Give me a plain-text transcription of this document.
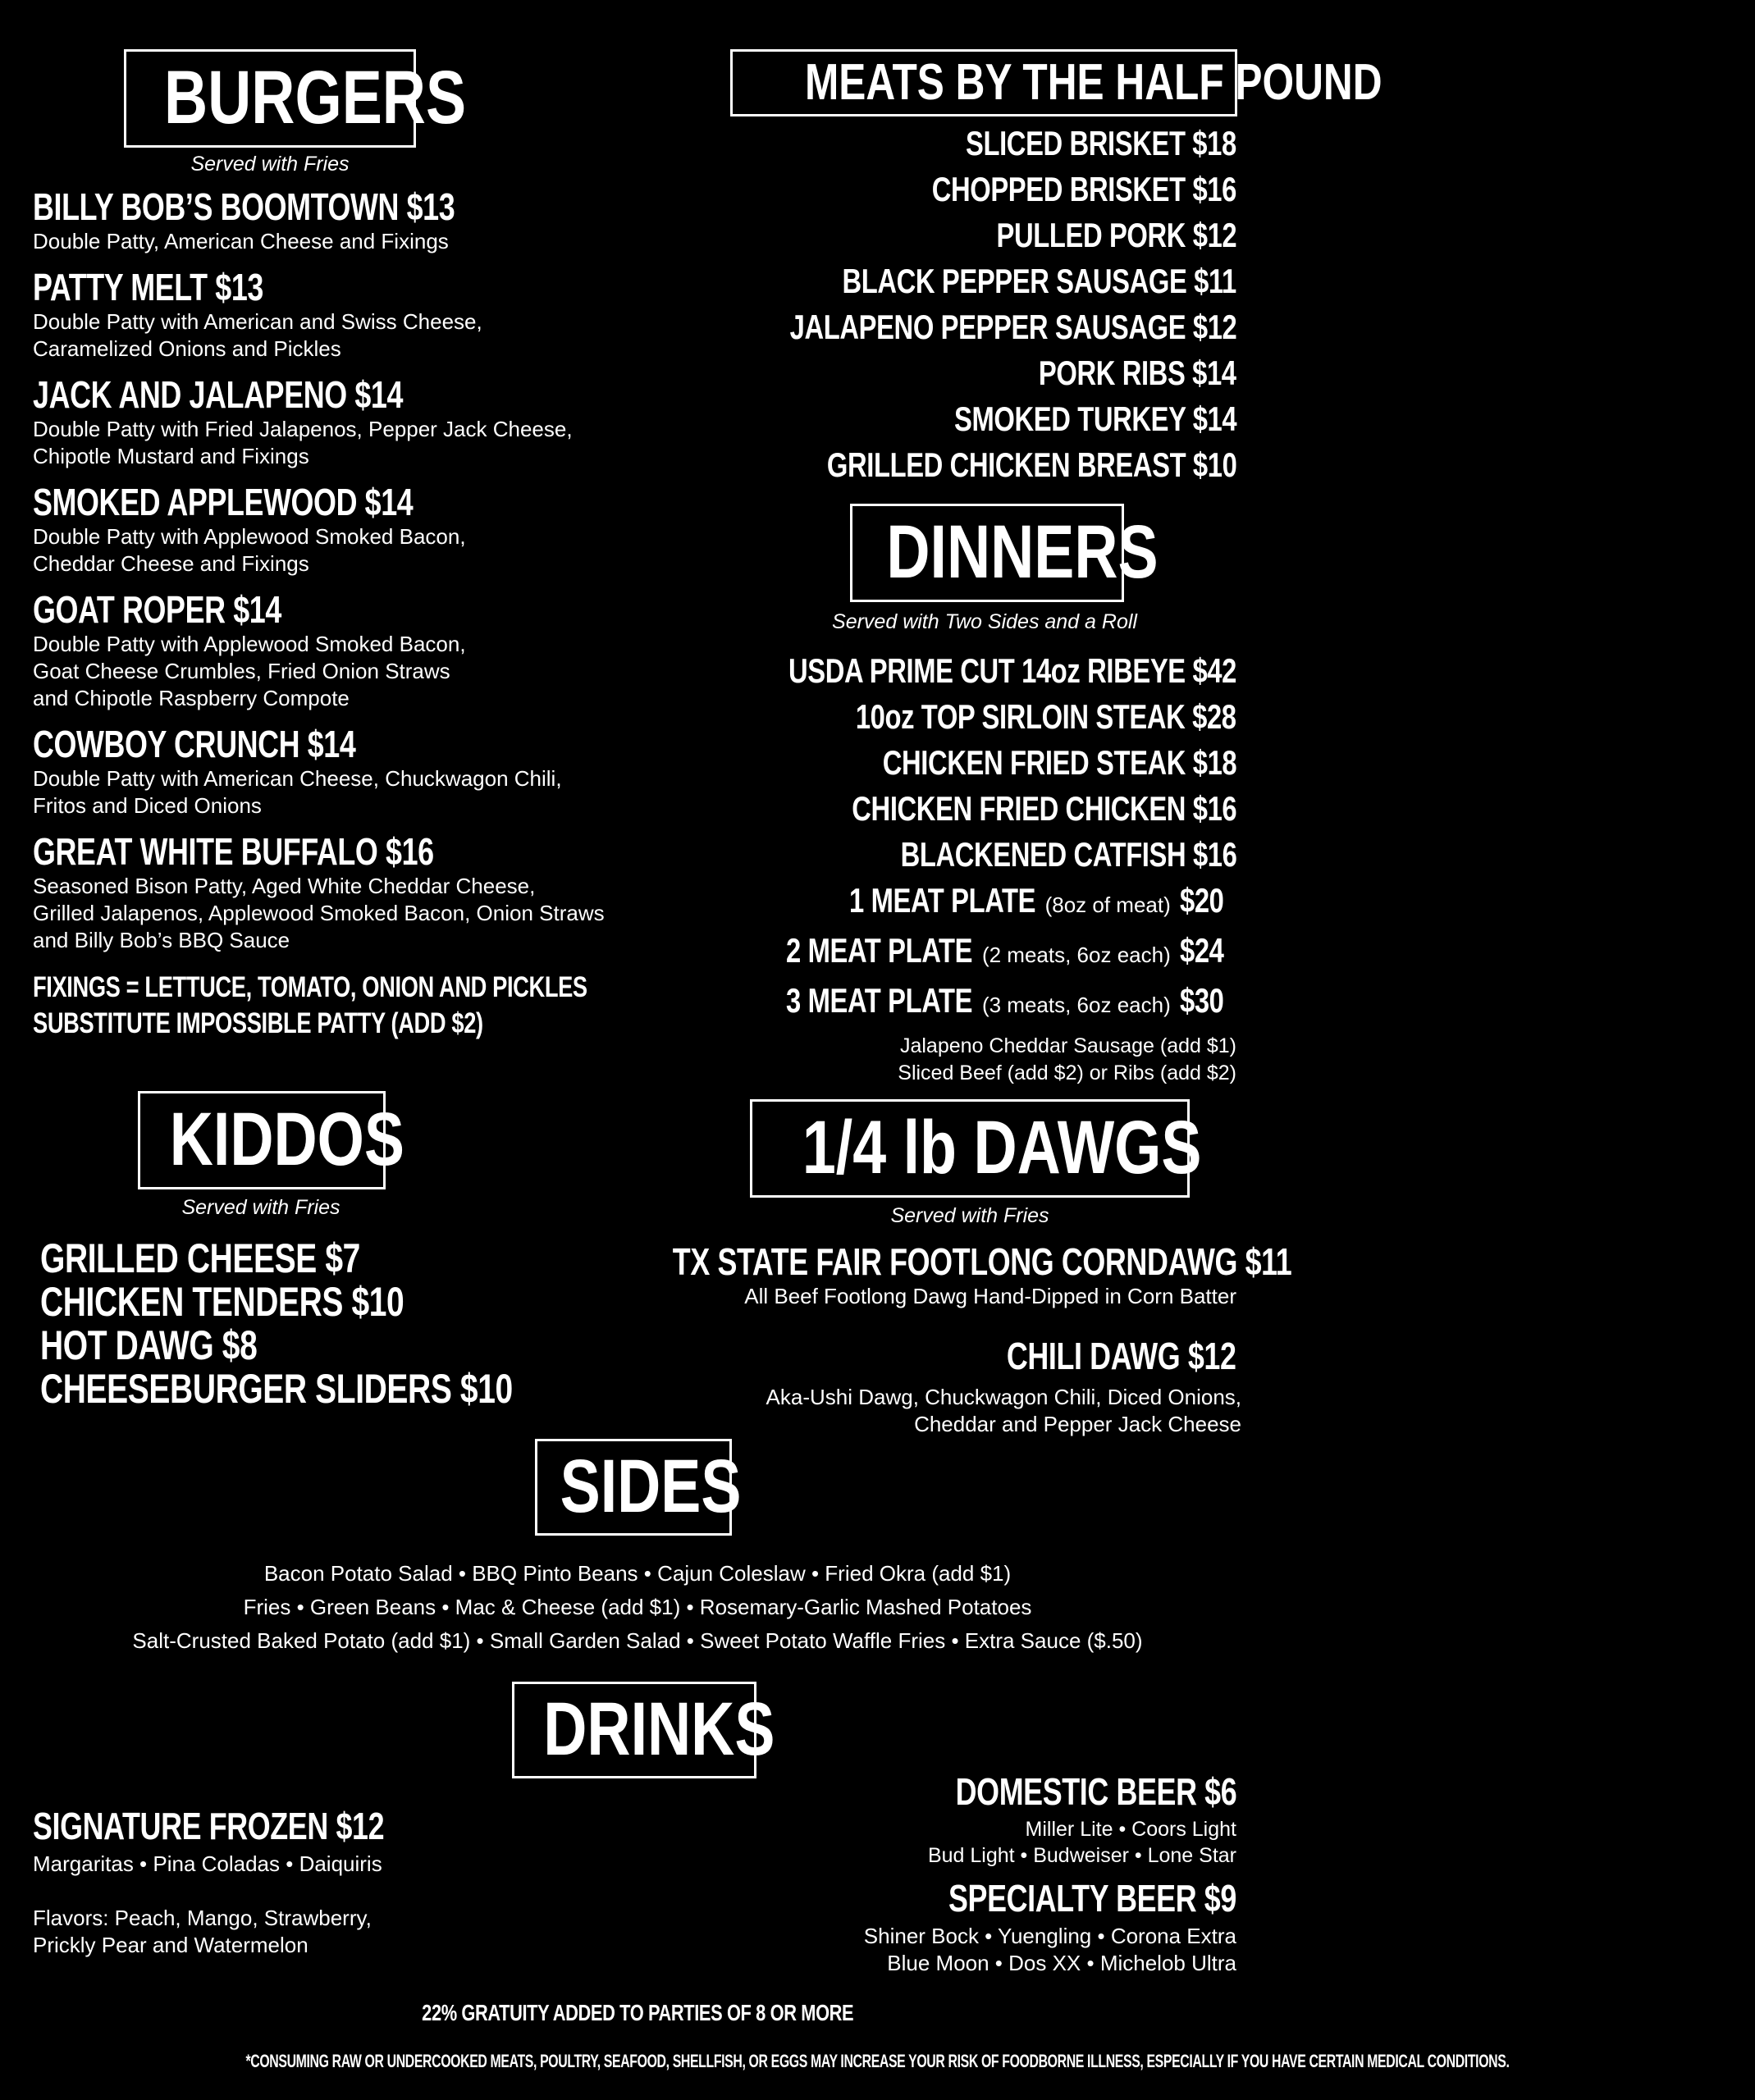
BURGERS
Served with Fries
BILLY BOB’S BOOMTOWN $13
Double Patty, American Cheese and Fixings
PATTY MELT $13
Double Patty with American and Swiss Cheese,
Caramelized Onions and Pickles
JACK AND JALAPENO $14
Double Patty with Fried Jalapenos, Pepper Jack Cheese,
Chipotle Mustard and Fixings
SMOKED APPLEWOOD $14
Double Patty with Applewood Smoked Bacon,
Cheddar Cheese and Fixings
GOAT ROPER $14
Double Patty with Applewood Smoked Bacon,
Goat Cheese Crumbles, Fried Onion Straws
and Chipotle Raspberry Compote
COWBOY CRUNCH $14
Double Patty with American Cheese, Chuckwagon Chili,
Fritos and Diced Onions
GREAT WHITE BUFFALO $16
Seasoned Bison Patty, Aged White Cheddar Cheese,
Grilled Jalapenos, Applewood Smoked Bacon, Onion Straws
and Billy Bob’s BBQ Sauce
FIXINGS = LETTUCE, TOMATO, ONION AND PICKLES
SUBSTITUTE IMPOSSIBLE PATTY (ADD $2)
MEATS BY THE HALF POUND
SLICED BRISKET $18
CHOPPED BRISKET $16
PULLED PORK $12
BLACK PEPPER SAUSAGE $11
JALAPENO PEPPER SAUSAGE $12
PORK RIBS $14
SMOKED TURKEY $14
GRILLED CHICKEN BREAST $10
DINNERS
Served with Two Sides and a Roll
USDA PRIME CUT 14oz RIBEYE $42
10oz TOP SIRLOIN STEAK $28
CHICKEN FRIED STEAK $18
CHICKEN FRIED CHICKEN $16
BLACKENED CATFISH $16
1 MEAT PLATE (8oz of meat) $20
2 MEAT PLATE (2 meats, 6oz each) $24
3 MEAT PLATE (3 meats, 6oz each) $30
Jalapeno Cheddar Sausage (add $1)
Sliced Beef (add $2) or Ribs (add $2)
KIDDOS
Served with Fries
GRILLED CHEESE $7
CHICKEN TENDERS $10
HOT DAWG $8
CHEESEBURGER SLIDERS $10
1/4 lb DAWGS
Served with Fries
TX STATE FAIR FOOTLONG CORNDAWG $11
All Beef Footlong Dawg Hand-Dipped in Corn Batter
CHILI DAWG $12
Aka-Ushi Dawg, Chuckwagon Chili, Diced Onions,
Cheddar and Pepper Jack Cheese
SIDES
Bacon Potato Salad • BBQ Pinto Beans • Cajun Coleslaw • Fried Okra (add $1)
Fries • Green Beans • Mac & Cheese (add $1) • Rosemary-Garlic Mashed Potatoes
Salt-Crusted Baked Potato (add $1) • Small Garden Salad • Sweet Potato Waffle Fries • Extra Sauce ($.50)
DRINKS
SIGNATURE FROZEN $12
Margaritas • Pina Coladas • Daiquiris
Flavors: Peach, Mango, Strawberry,
Prickly Pear and Watermelon
DOMESTIC BEER $6
Miller Lite • Coors Light
Bud Light • Budweiser • Lone Star
SPECIALTY BEER $9
Shiner Bock • Yuengling • Corona Extra
Blue Moon • Dos XX • Michelob Ultra
22% GRATUITY ADDED TO PARTIES OF 8 OR MORE
*CONSUMING RAW OR UNDERCOOKED MEATS, POULTRY, SEAFOOD, SHELLFISH, OR EGGS MAY INCREASE YOUR RISK OF FOODBORNE ILLNESS, ESPECIALLY IF YOU HAVE CERTAIN MEDICAL CONDITIONS.
